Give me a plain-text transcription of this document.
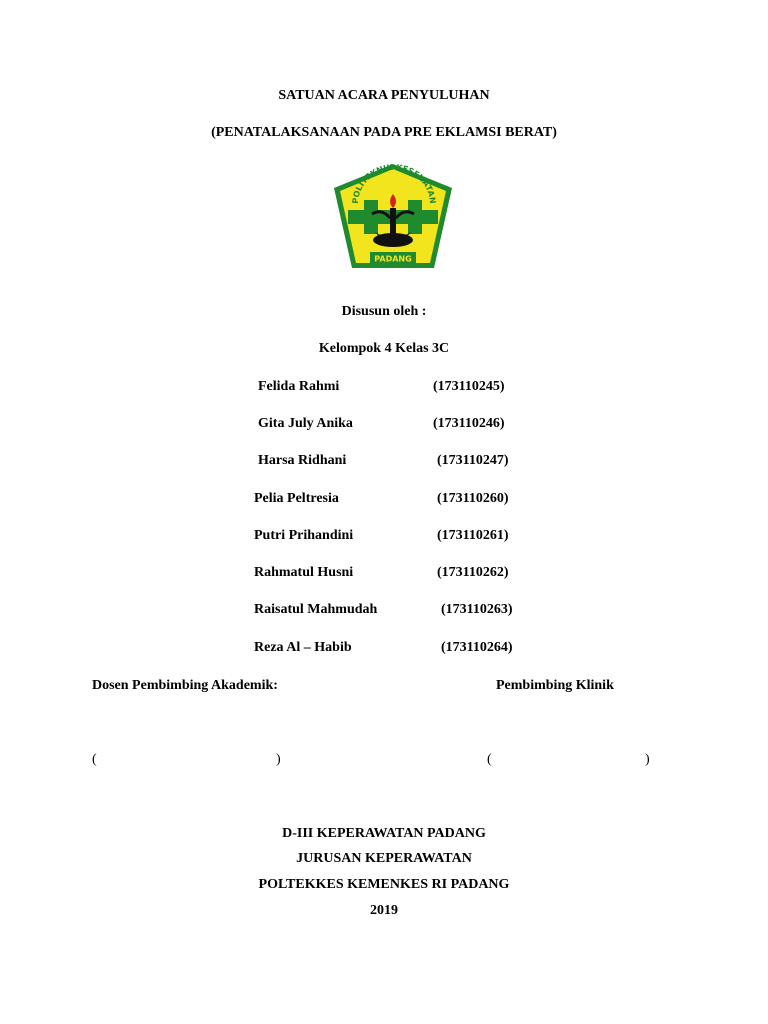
SATUAN ACARA PENYULUHAN
(PENATALAKSANAAN PADA PRE EKLAMSI BERAT)
POLITEKNIK KESEHATAN
PADANG
Disusun oleh :
Kelompok 4 Kelas 3C
Felida Rahmi	(173110245)
Gita July Anika	(173110246)
Harsa Ridhani	(173110247)
Pelia Peltresia	(173110260)
Putri Prihandini	(173110261)
Rahmatul Husni	(173110262)
Raisatul Mahmudah	(173110263)
Reza Al – Habib	(173110264)
Dosen Pembimbing Akademik:	Pembimbing Klinik
(	)	(	)
D-III KEPERAWATAN PADANG
JURUSAN KEPERAWATAN
POLTEKKES KEMENKES RI PADANG
2019
